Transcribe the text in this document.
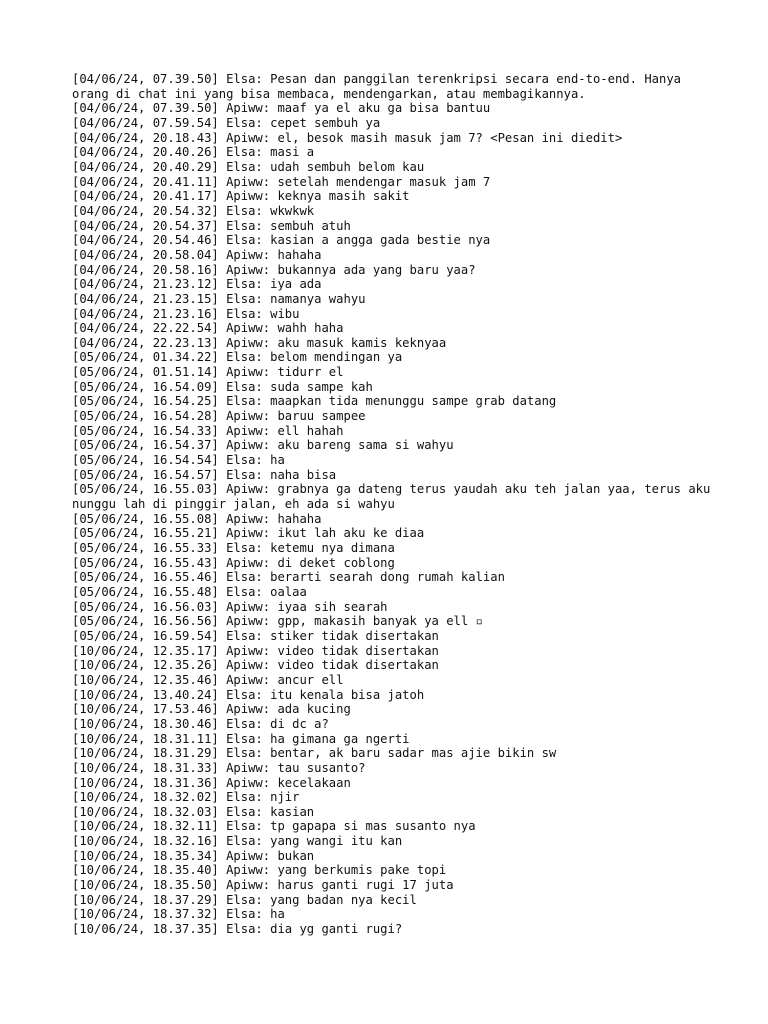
[04/06/24, 07.39.50] Elsa: Pesan dan panggilan terenkripsi secara end-to-end. Hanya orang di chat ini yang bisa membaca, mendengarkan, atau membagikannya.
[04/06/24, 07.39.50] Apiww: maaf ya el aku ga bisa bantuu
[04/06/24, 07.59.54] Elsa: cepet sembuh ya
[04/06/24, 20.18.43] Apiww: el, besok masih masuk jam 7? <Pesan ini diedit>
[04/06/24, 20.40.26] Elsa: masi a
[04/06/24, 20.40.29] Elsa: udah sembuh belom kau
[04/06/24, 20.41.11] Apiww: setelah mendengar masuk jam 7
[04/06/24, 20.41.17] Apiww: keknya masih sakit
[04/06/24, 20.54.32] Elsa: wkwkwk
[04/06/24, 20.54.37] Elsa: sembuh atuh
[04/06/24, 20.54.46] Elsa: kasian a angga gada bestie nya
[04/06/24, 20.58.04] Apiww: hahaha
[04/06/24, 20.58.16] Apiww: bukannya ada yang baru yaa?
[04/06/24, 21.23.12] Elsa: iya ada
[04/06/24, 21.23.15] Elsa: namanya wahyu
[04/06/24, 21.23.16] Elsa: wibu
[04/06/24, 22.22.54] Apiww: wahh haha
[04/06/24, 22.23.13] Apiww: aku masuk kamis keknyaa
[05/06/24, 01.34.22] Elsa: belom mendingan ya
[05/06/24, 01.51.14] Apiww: tidurr el
[05/06/24, 16.54.09] Elsa: suda sampe kah
[05/06/24, 16.54.25] Elsa: maapkan tida menunggu sampe grab datang
[05/06/24, 16.54.28] Apiww: baruu sampee
[05/06/24, 16.54.33] Apiww: ell hahah
[05/06/24, 16.54.37] Apiww: aku bareng sama si wahyu
[05/06/24, 16.54.54] Elsa: ha
[05/06/24, 16.54.57] Elsa: naha bisa
[05/06/24, 16.55.03] Apiww: grabnya ga dateng terus yaudah aku teh jalan yaa, terus aku nunggu lah di pinggir jalan, eh ada si wahyu
[05/06/24, 16.55.08] Apiww: hahaha
[05/06/24, 16.55.21] Apiww: ikut lah aku ke diaa
[05/06/24, 16.55.33] Elsa: ketemu nya dimana
[05/06/24, 16.55.43] Apiww: di deket coblong
[05/06/24, 16.55.46] Elsa: berarti searah dong rumah kalian
[05/06/24, 16.55.48] Elsa: oalaa
[05/06/24, 16.56.03] Apiww: iyaa sih searah
[05/06/24, 16.56.56] Apiww: gpp, makasih banyak ya ell ▫
[05/06/24, 16.59.54] Elsa: stiker tidak disertakan
[10/06/24, 12.35.17] Apiww: video tidak disertakan
[10/06/24, 12.35.26] Apiww: video tidak disertakan
[10/06/24, 12.35.46] Apiww: ancur ell
[10/06/24, 13.40.24] Elsa: itu kenala bisa jatoh
[10/06/24, 17.53.46] Apiww: ada kucing
[10/06/24, 18.30.46] Elsa: di dc a?
[10/06/24, 18.31.11] Elsa: ha gimana ga ngerti
[10/06/24, 18.31.29] Elsa: bentar, ak baru sadar mas ajie bikin sw
[10/06/24, 18.31.33] Apiww: tau susanto?
[10/06/24, 18.31.36] Apiww: kecelakaan
[10/06/24, 18.32.02] Elsa: njir
[10/06/24, 18.32.03] Elsa: kasian
[10/06/24, 18.32.11] Elsa: tp gapapa si mas susanto nya
[10/06/24, 18.32.16] Elsa: yang wangi itu kan
[10/06/24, 18.35.34] Apiww: bukan
[10/06/24, 18.35.40] Apiww: yang berkumis pake topi
[10/06/24, 18.35.50] Apiww: harus ganti rugi 17 juta
[10/06/24, 18.37.29] Elsa: yang badan nya kecil
[10/06/24, 18.37.32] Elsa: ha
[10/06/24, 18.37.35] Elsa: dia yg ganti rugi?
